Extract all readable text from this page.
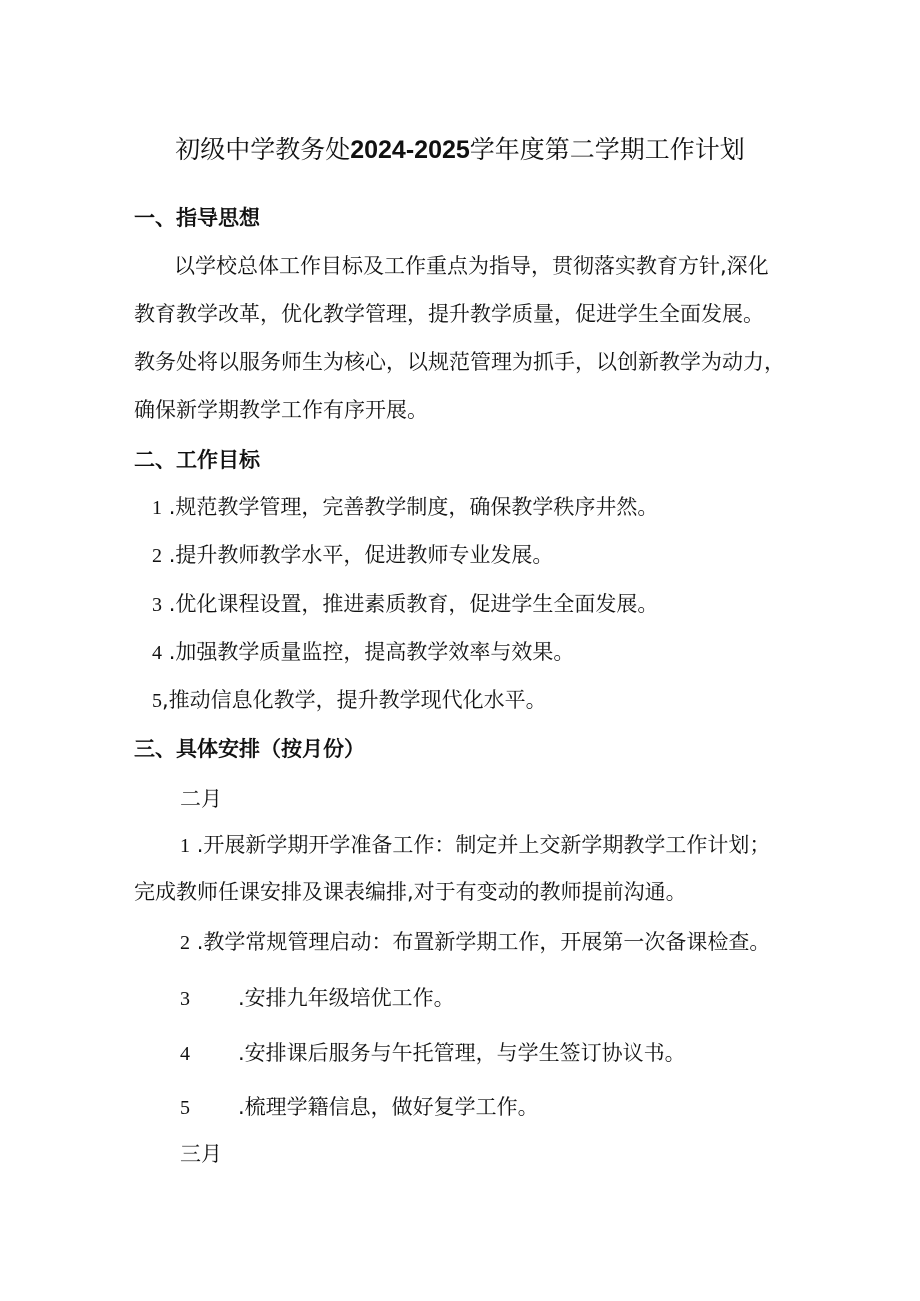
初级中学教务处2024-2025学年度第二学期工作计划
一、指导思想
以学校总体工作目标及工作重点为指导，贯彻落实教育方针,深化
教育教学改革，优化教学管理，提升教学质量，促进学生全面发展。
教务处将以服务师生为核心，以规范管理为抓手，以创新教学为动力，
确保新学期教学工作有序开展。
二、工作目标
1 .规范教学管理，完善教学制度，确保教学秩序井然。
2 .提升教师教学水平，促进教师专业发展。
3 .优化课程设置，推进素质教育，促进学生全面发展。
4 .加强教学质量监控，提高教学效率与效果。
5,推动信息化教学，提升教学现代化水平。
三、具体安排（按月份）
二月
1 .开展新学期开学准备工作：制定并上交新学期教学工作计划；
完成教师任课安排及课表编排,对于有变动的教师提前沟通。
2 .教学常规管理启动：布置新学期工作，开展第一次备课检查。
3 .安排九年级培优工作。
4 .安排课后服务与午托管理，与学生签订协议书。
5 .梳理学籍信息，做好复学工作。
三月
